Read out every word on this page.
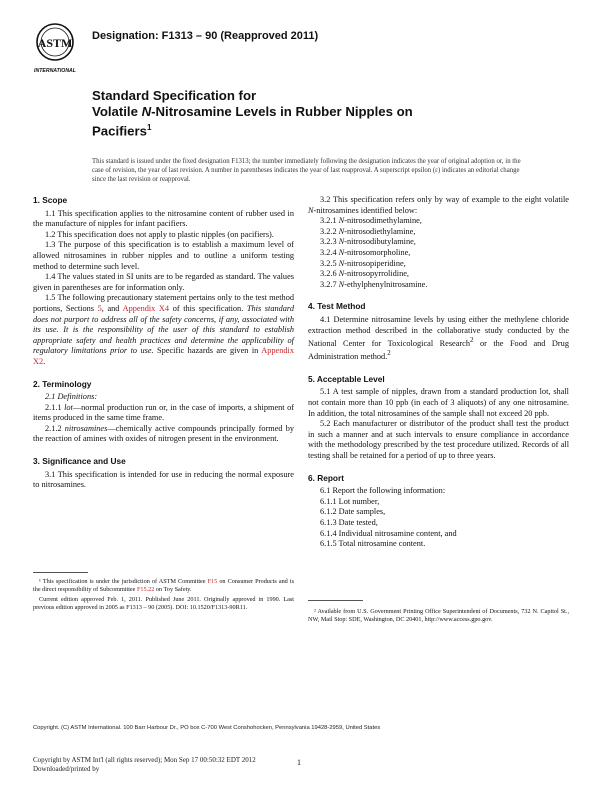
ASTM
INTERNATIONAL
Designation: F1313 – 90 (Reapproved 2011)
Standard Specification for
Volatile N-Nitrosamine Levels in Rubber Nipples on
Pacifiers$^1$
This standard is issued under the fixed designation F1313; the number immediately following the designation indicates the year of original adoption or, in the case of revision, the year of last revision. A number in parentheses indicates the year of last reapproval. A superscript epsilon (ε) indicates an editorial change since the last revision or reapproval.
1. Scope

1.1 This specification applies to the nitrosamine content of rubber used in the manufacture of nipples for infant pacifiers.

1.2 This specification does not apply to plastic nipples (on pacifiers).

1.3 The purpose of this specification is to establish a maximum level of allowed nitrosamines in rubber nipples and to outline a uniform testing method to determine such level.

1.4 The values stated in SI units are to be regarded as standard. The values given in parentheses are for information only.

1.5 The following precautionary statement pertains only to the test method portions, Sections 5, and Appendix X4 of this specification. This standard does not purport to address all of the safety concerns, if any, associated with its use. It is the responsibility of the user of this standard to establish appropriate safety and health practices and determine the applicability of regulatory limitations prior to use. Specific hazards are given in Appendix X2.

2. Terminology

2.1 Definitions:

2.1.1 lot—normal production run or, in the case of imports, a shipment of items produced in the same time frame.

2.1.2 nitrosamines—chemically active compounds principally formed by the reaction of amines with oxides of nitrogen present in the environment.

3. Significance and Use

3.1 This specification is intended for use in reducing the normal exposure to nitrosamines.

3.2 This specification refers only by way of example to the eight volatile N-nitrosamines identified below:

3.2.1 N-nitrosodimethylamine,

3.2.2 N-nitrosodiethylamine,

3.2.3 N-nitrosodibutylamine,

3.2.4 N-nitrosomorpholine,

3.2.5 N-nitrosopiperidine,

3.2.6 N-nitrosopyrrolidine,

3.2.7 N-ethylphenylnitrosamine.

4. Test Method

4.1 Determine nitrosamine levels by using either the methylene chloride extraction method described in the collaborative study conducted by the National Center for Toxicological Research$^2$ or the Food and Drug Administration method.$^2$

5. Acceptable Level

5.1 A test sample of nipples, drawn from a standard production lot, shall not contain more than 10 ppb (in each of 3 aliquots) of any one nitrosamine. In addition, the total nitrosamines of the sample shall not exceed 20 ppb.

5.2 Each manufacturer or distributor of the product shall test the product in such a manner and at such intervals to ensure compliance in accordance with the methodology prescribed by the test procedure utilized. Records of all testing shall be retained for a period of up to three years.

6. Report

6.1 Report the following information:

6.1.1 Lot number,

6.1.2 Date samples,

6.1.3 Date tested,

6.1.4 Individual nitrosamine content, and

6.1.5 Total nitrosamine content.

¹ This specification is under the jurisdiction of ASTM Committee F15 on Consumer Products and is the direct responsibility of Subcommittee F15.22 on Toy Safety.

Current edition approved Feb. 1, 2011. Published June 2011. Originally approved in 1990. Last previous edition approved in 2005 as F1313 – 90 (2005). DOI: 10.1520/F1313-90R11.

² Available from U.S. Government Printing Office Superintendent of Documents, 732 N. Capitol St., NW, Mail Stop: SDE, Washington, DC 20401, http://www.access.gpo.gov.

Copyright. (C) ASTM International. 100 Barr Harbour Dr., PO box C-700 West Conshohocken, Pennsylvania 19428-2959, United States
Copyright by ASTM Int'l (all rights reserved); Mon Sep 17 00:50:32 EDT 2012
Downloaded/printed by
1
